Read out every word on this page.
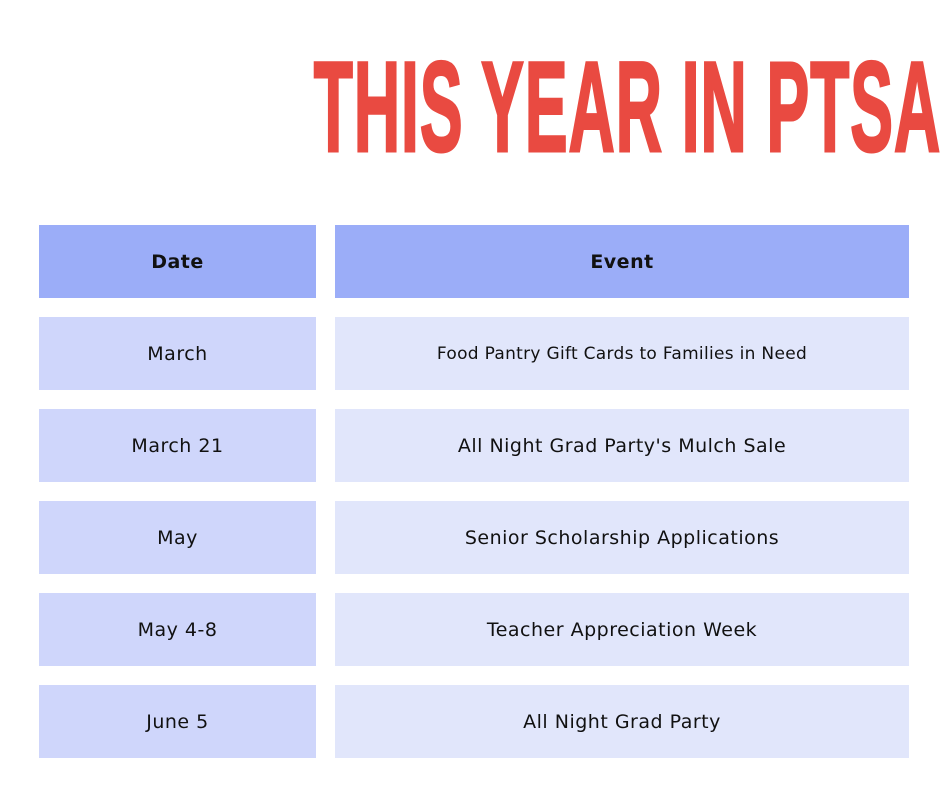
THIS YEAR IN PTSA
Date	Event
March	Food Pantry Gift Cards to Families in Need
March 21	All Night Grad Party's Mulch Sale
May	Senior Scholarship Applications
May 4-8	Teacher Appreciation Week
June 5	All Night Grad Party
